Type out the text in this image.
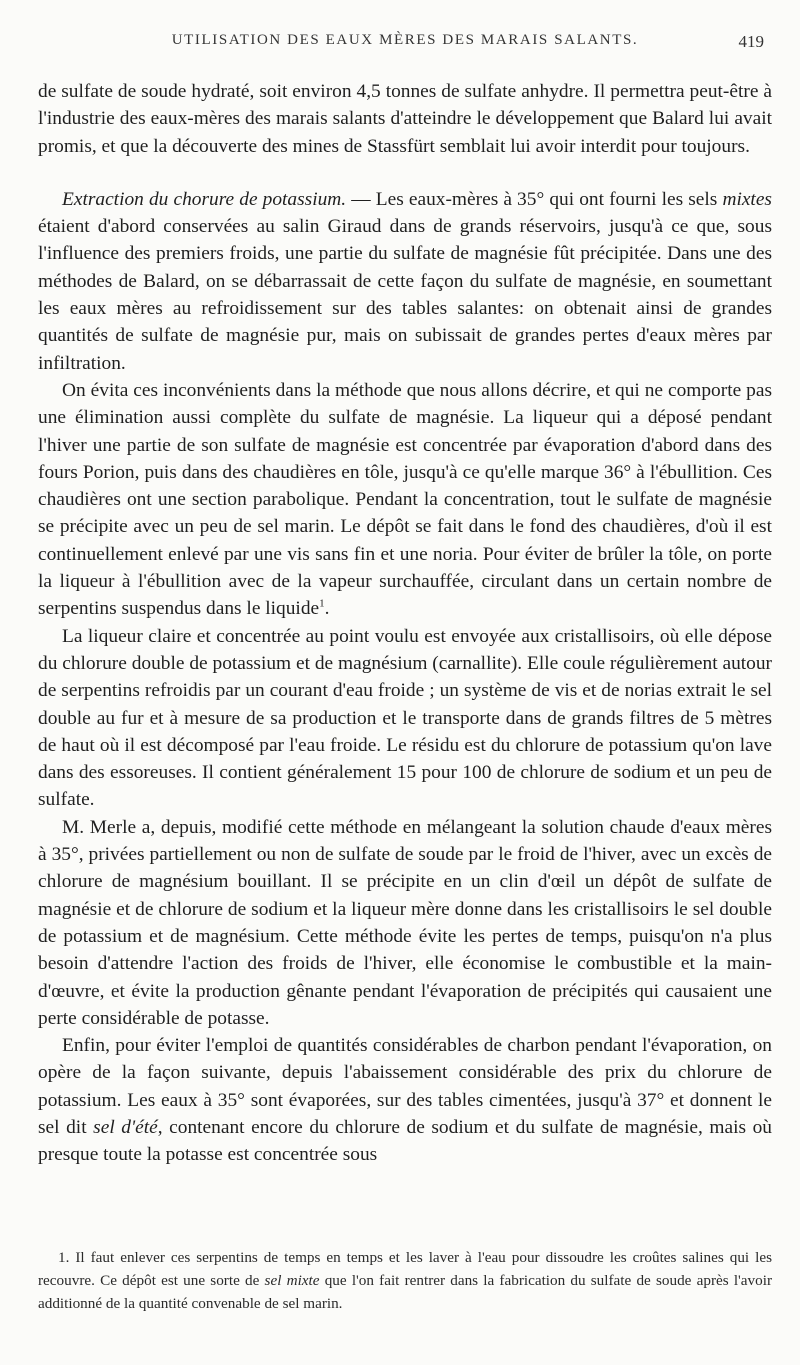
UTILISATION DES EAUX MÈRES DES MARAIS SALANTS.	419

de sulfate de soude hydraté, soit environ 4,5 tonnes de sulfate anhydre. Il permettra peut-être à l'industrie des eaux-mères des marais salants d'atteindre le développement que Balard lui avait promis, et que la découverte des mines de Stassfürt semblait lui avoir interdit pour toujours.

Extraction du chorure de potassium. — Les eaux-mères à 35° qui ont fourni les sels mixtes étaient d'abord conservées au salin Giraud dans de grands réservoirs, jusqu'à ce que, sous l'influence des premiers froids, une partie du sulfate de magnésie fût précipitée. Dans une des méthodes de Balard, on se débarrassait de cette façon du sulfate de magnésie, en soumettant les eaux mères au refroidissement sur des tables salantes: on obtenait ainsi de grandes quantités de sulfate de magnésie pur, mais on subissait de grandes pertes d'eaux mères par infiltration.

On évita ces inconvénients dans la méthode que nous allons décrire, et qui ne comporte pas une élimination aussi complète du sulfate de magnésie. La liqueur qui a déposé pendant l'hiver une partie de son sulfate de magnésie est concentrée par évaporation d'abord dans des fours Porion, puis dans des chaudières en tôle, jusqu'à ce qu'elle marque 36° à l'ébullition. Ces chaudières ont une section parabolique. Pendant la concentration, tout le sulfate de magnésie se précipite avec un peu de sel marin. Le dépôt se fait dans le fond des chaudières, d'où il est continuellement enlevé par une vis sans fin et une noria. Pour éviter de brûler la tôle, on porte la liqueur à l'ébullition avec de la vapeur surchauffée, circulant dans un certain nombre de serpentins suspendus dans le liquide$^1$.

La liqueur claire et concentrée au point voulu est envoyée aux cristallisoirs, où elle dépose du chlorure double de potassium et de magnésium (carnallite). Elle coule régulièrement autour de serpentins refroidis par un courant d'eau froide ; un système de vis et de norias extrait le sel double au fur et à mesure de sa production et le transporte dans de grands filtres de 5 mètres de haut où il est décomposé par l'eau froide. Le résidu est du chlorure de potassium qu'on lave dans des essoreuses. Il contient généralement 15 pour 100 de chlorure de sodium et un peu de sulfate.

M. Merle a, depuis, modifié cette méthode en mélangeant la solution chaude d'eaux mères à 35°, privées partiellement ou non de sulfate de soude par le froid de l'hiver, avec un excès de chlorure de magnésium bouillant. Il se précipite en un clin d'œil un dépôt de sulfate de magnésie et de chlorure de sodium et la liqueur mère donne dans les cristallisoirs le sel double de potassium et de magnésium. Cette méthode évite les pertes de temps, puisqu'on n'a plus besoin d'attendre l'action des froids de l'hiver, elle économise le combustible et la main-d'œuvre, et évite la production gênante pendant l'évaporation de précipités qui causaient une perte considérable de potasse.

Enfin, pour éviter l'emploi de quantités considérables de charbon pendant l'évaporation, on opère de la façon suivante, depuis l'abaissement considérable des prix du chlorure de potassium. Les eaux à 35° sont évaporées, sur des tables cimentées, jusqu'à 37° et donnent le sel dit sel d'été, contenant encore du chlorure de sodium et du sulfate de magnésie, mais où presque toute la potasse est concentrée sous

1. Il faut enlever ces serpentins de temps en temps et les laver à l'eau pour dissoudre les croûtes salines qui les recouvre. Ce dépôt est une sorte de sel mixte que l'on fait rentrer dans la fabrication du sulfate de soude après l'avoir additionné de la quantité convenable de sel marin.
